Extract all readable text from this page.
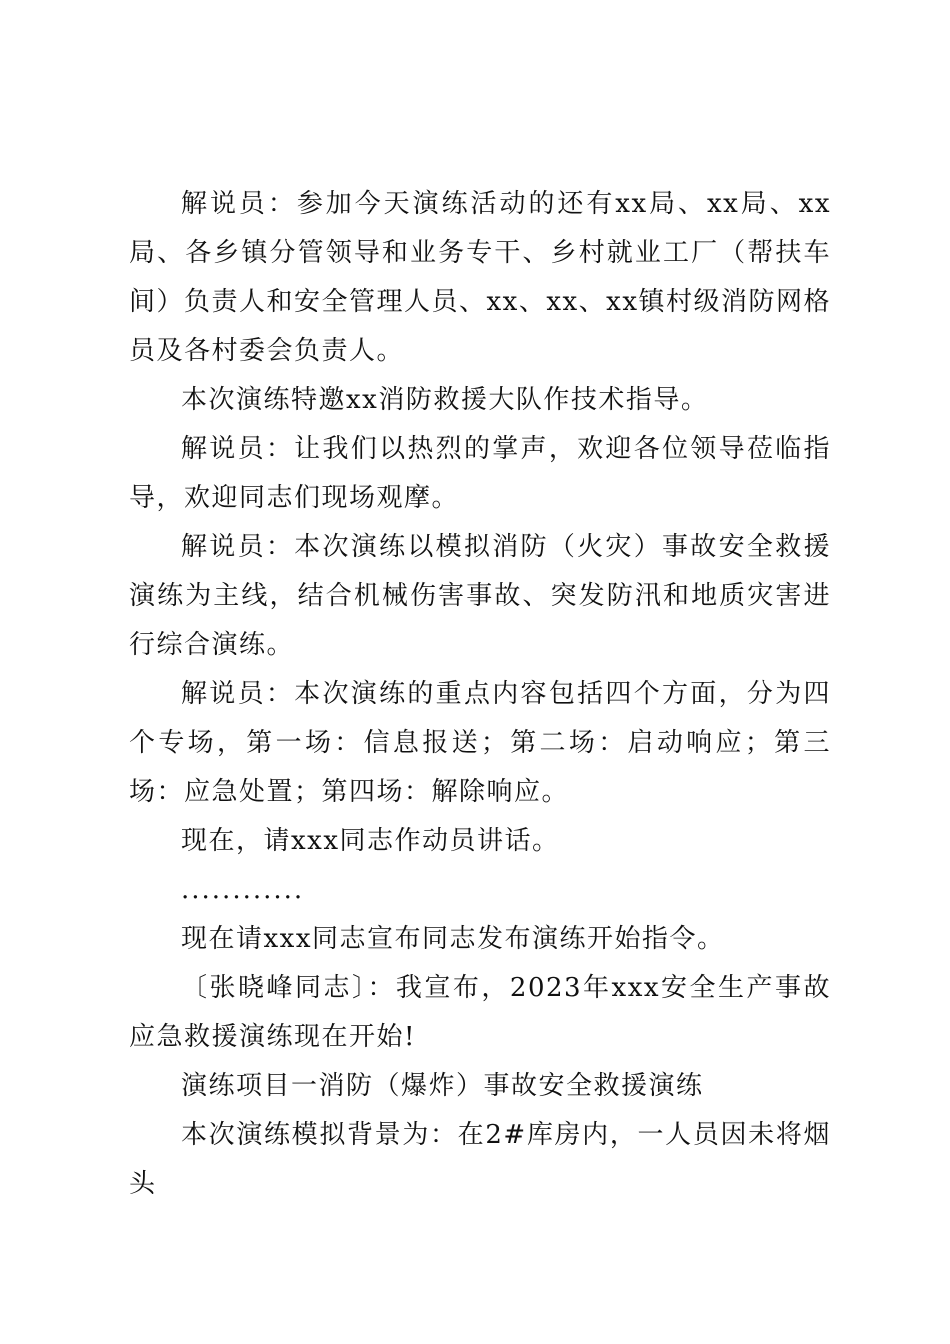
解说员：参加今天演练活动的还有xx局、xx局、xx局、各乡镇分管领导和业务专干、乡村就业工厂（帮扶车间）负责人和安全管理人员、xx、xx、xx镇村级消防网格员及各村委会负责人。

本次演练特邀xx消防救援大队作技术指导。

解说员：让我们以热烈的掌声，欢迎各位领导莅临指导，欢迎同志们现场观摩。

解说员：本次演练以模拟消防（火灾）事故安全救援演练为主线，结合机械伤害事故、突发防汛和地质灾害进行综合演练。

解说员：本次演练的重点内容包括四个方面，分为四个专场，第一场：信息报送；第二场：启动响应；第三场：应急处置；第四场：解除响应。

现在，请xxx同志作动员讲话。

............

现在请xxx同志宣布同志发布演练开始指令。

〔张晓峰同志〕：我宣布，2023年xxx安全生产事故应急救援演练现在开始!

演练项目一消防（爆炸）事故安全救援演练

本次演练模拟背景为：在2#库房内，一人员因未将烟头
